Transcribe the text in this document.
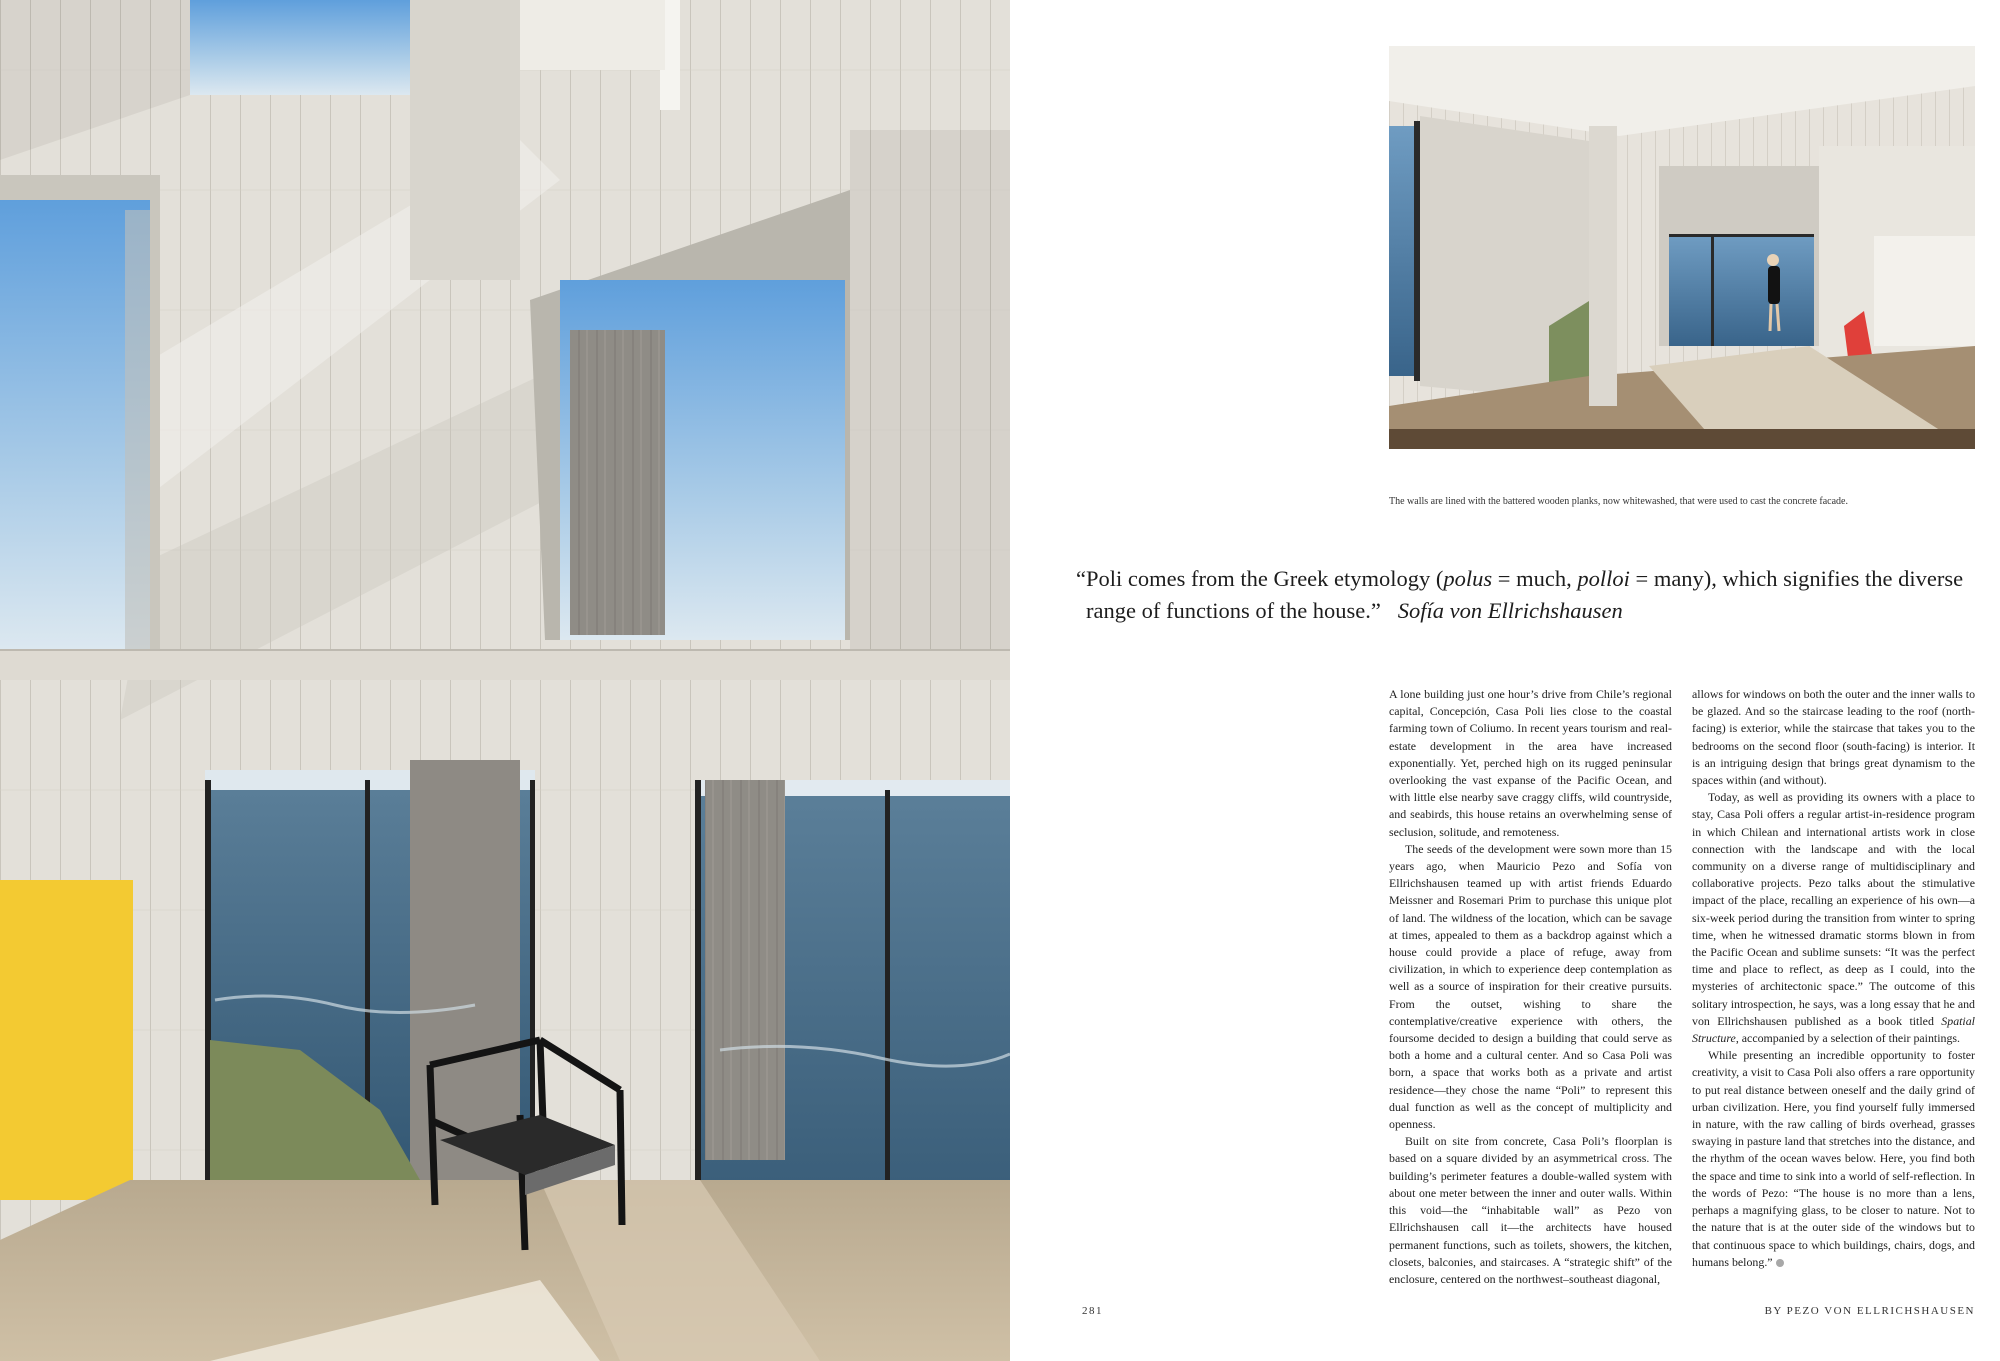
The walls are lined with the battered wooden planks, now whitewashed, that were used to cast the concrete facade.
“Poli comes from the Greek etymology (polus = much, polloi = many), which signifies the diverse
range of functions of the house.” Sofía von Ellrichshausen

A lone building just one hour’s drive from Chile’s regional capital, Concepción, Casa Poli lies close to the coastal farming town of Coliumo. In recent years tourism and real-estate development in the area have increased exponentially. Yet, perched high on its rugged peninsular overlooking the vast expanse of the Pacific Ocean, and with little else nearby save craggy cliffs, wild countryside, and seabirds, this house retains an overwhelming sense of seclusion, solitude, and remoteness.

The seeds of the development were sown more than 15 years ago, when Mauricio Pezo and Sofía von Ellrichshausen teamed up with artist friends Eduardo Meissner and Rosemari Prim to purchase this unique plot of land. The wildness of the location, which can be savage at times, appealed to them as a backdrop against which a house could provide a place of refuge, away from civilization, in which to experience deep contemplation as well as a source of inspiration for their creative pursuits. From the outset, wishing to share the contemplative/creative experience with others, the foursome decided to design a building that could serve as both a home and a cultural center. And so Casa Poli was born, a space that works both as a private and artist residence—they chose the name “Poli” to represent this dual function as well as the concept of multiplicity and openness.

Built on site from concrete, Casa Poli’s floorplan is based on a square divided by an asymmetrical cross. The building’s perimeter features a double-walled system with about one meter between the inner and outer walls. Within this void—the “inhabitable wall” as Pezo von Ellrichshausen call it—the architects have housed permanent functions, such as toilets, showers, the kitchen, closets, balconies, and staircases. A “strategic shift” of the enclosure, centered on the northwest–southeast diagonal,

allows for windows on both the outer and the inner walls to be glazed. And so the staircase leading to the roof (north-facing) is exterior, while the staircase that takes you to the bedrooms on the second floor (south-facing) is interior. It is an intriguing design that brings great dynamism to the spaces within (and without).

Today, as well as providing its owners with a place to stay, Casa Poli offers a regular artist-in-residence program in which Chilean and international artists work in close connection with the landscape and with the local community on a diverse range of multidisciplinary and collaborative projects. Pezo talks about the stimulative impact of the place, recalling an experience of his own—a six-week period during the transition from winter to spring time, when he witnessed dramatic storms blown in from the Pacific Ocean and sublime sunsets: “It was the perfect time and place to reflect, as deep as I could, into the mysteries of architectonic space.” The outcome of this solitary introspection, he says, was a long essay that he and von Ellrichshausen published as a book titled Spatial Structure, accompanied by a selection of their paintings.

While presenting an incredible opportunity to foster creativity, a visit to Casa Poli also offers a rare opportunity to put real distance between oneself and the daily grind of urban civilization. Here, you find yourself fully immersed in nature, with the raw calling of birds overhead, grasses swaying in pasture land that stretches into the distance, and the rhythm of the ocean waves below. Here, you find both the space and time to sink into a world of self-reflection. In the words of Pezo: “The house is no more than a lens, perhaps a magnifying glass, to be closer to nature. Not to the nature that is at the outer side of the windows but to that continuous space to which buildings, chairs, dogs, and humans belong.”

281	BY PEZO VON ELLRICHSHAUSEN
